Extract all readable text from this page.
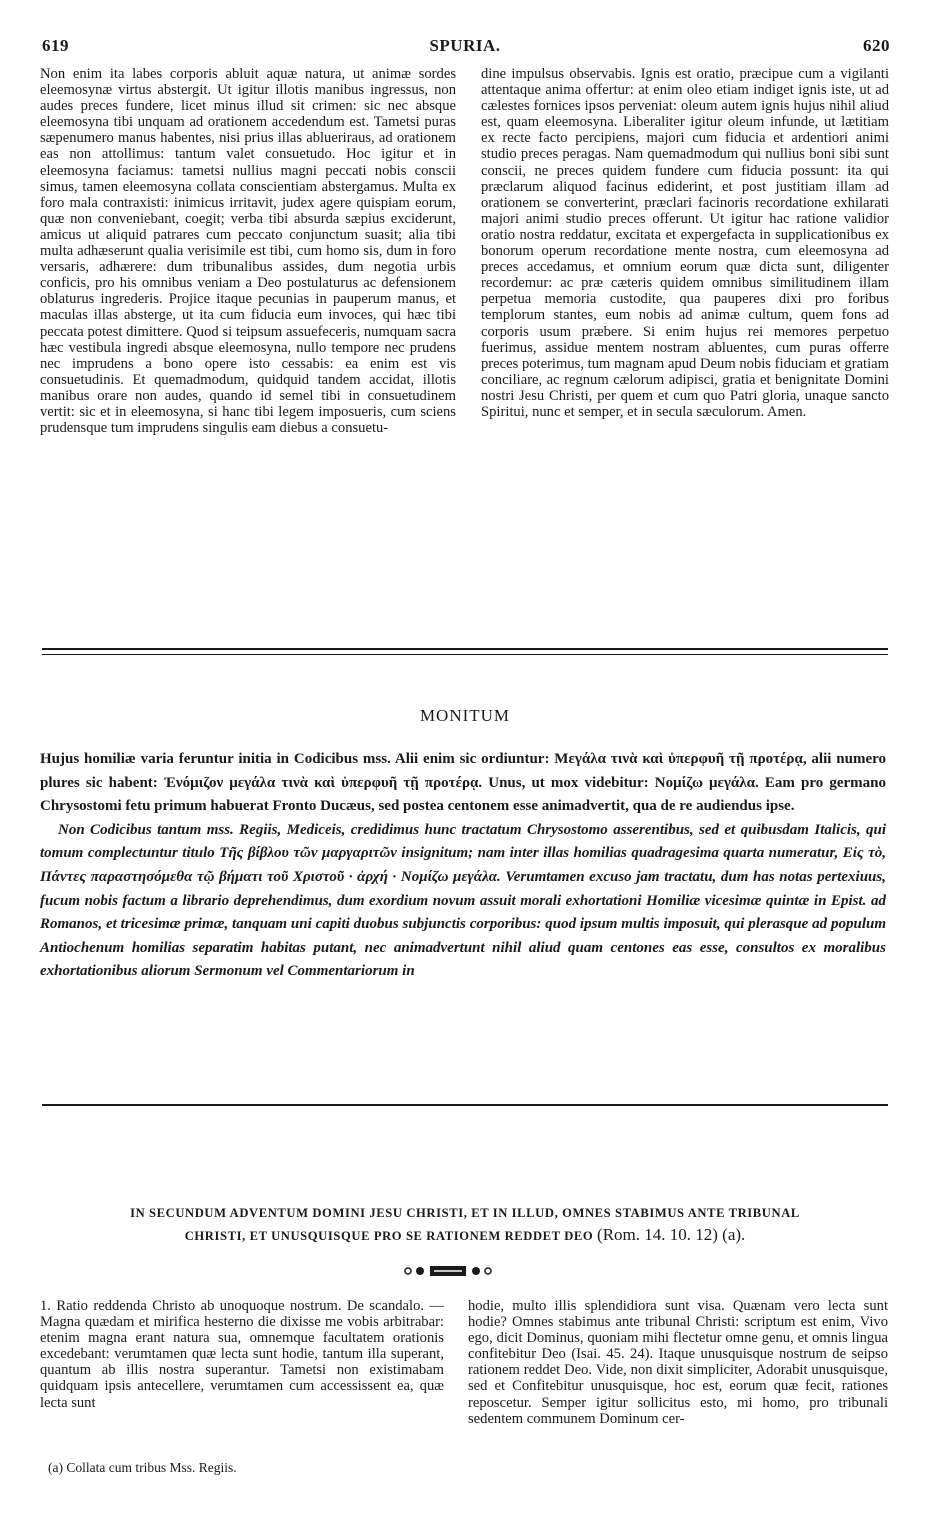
619	SPURIA.	620

Non enim ita labes corporis abluit aquæ natura, ut animæ sordes eleemosynæ virtus abstergit. Ut igitur illotis manibus ingressus, non audes preces fundere, licet minus illud sit crimen: sic nec absque eleemosyna tibi unquam ad orationem accedendum est. Tametsi puras sæpenumero manus habentes, nisi prius illas ablueriraus, ad orationem eas non attollimus: tantum valet consuetudo. Hoc igitur et in eleemosyna faciamus: tametsi nullius magni peccati nobis conscii simus, tamen eleemosyna collata conscientiam abstergamus. Multa ex foro mala contraxisti: inimicus irritavit, judex agere quispiam eorum, quæ non conveniebant, coegit; verba tibi absurda sæpius exciderunt, amicus ut aliquid patrares cum peccato conjunctum suasit; alia tibi multa adhæserunt qualia verisimile est tibi, cum homo sis, dum in foro versaris, adhærere: dum tribunalibus assides, dum negotia urbis conficis, pro his omnibus veniam a Deo postulaturus ac defensionem oblaturus ingrederis. Projice itaque pecunias in pauperum manus, et maculas illas absterge, ut ita cum fiducia eum invoces, qui hæc tibi peccata potest dimittere. Quod si teipsum assuefeceris, numquam sacra hæc vestibula ingredi absque eleemosyna, nullo tempore nec prudens nec imprudens a bono opere isto cessabis: ea enim est vis consuetudinis. Et quemadmodum, quidquid tandem accidat, illotis manibus orare non audes, quando id semel tibi in consuetudinem vertit: sic et in eleemosyna, si hanc tibi legem imposueris, cum sciens prudensque tum imprudens singulis eam diebus a consuetu-

dine impulsus observabis. Ignis est oratio, præcipue cum a vigilanti attentaque anima offertur: at enim oleo etiam indiget ignis iste, ut ad cælestes fornices ipsos perveniat: oleum autem ignis hujus nihil aliud est, quam eleemosyna. Liberaliter igitur oleum infunde, ut lætitiam ex recte facto percipiens, majori cum fiducia et ardentiori animi studio preces peragas. Nam quemadmodum qui nullius boni sibi sunt conscii, ne preces quidem fundere cum fiducia possunt: ita qui præclarum aliquod facinus ediderint, et post justitiam illam ad orationem se converterint, præclari facinoris recordatione exhilarati majori animi studio preces offerunt. Ut igitur hac ratione validior oratio nostra reddatur, excitata et expergefacta in supplicationibus ex bonorum operum recordatione mente nostra, cum eleemosyna ad preces accedamus, et omnium eorum quæ dicta sunt, diligenter recordemur: ac præ cæteris quidem omnibus similitudinem illam perpetua memoria custodite, qua pauperes dixi pro foribus templorum stantes, eum nobis ad animæ cultum, quem fons ad corporis usum præbere. Si enim hujus rei memores perpetuo fuerimus, assidue mentem nostram abluentes, cum puras offerre preces poterimus, tum magnam apud Deum nobis fiduciam et gratiam conciliare, ac regnum cælorum adipisci, gratia et benignitate Domini nostri Jesu Christi, per quem et cum quo Patri gloria, unaque sancto Spiritui, nunc et semper, et in secula sæculorum. Amen.

MONITUM

Hujus homiliæ varia feruntur initia in Codicibus mss. Alii enim sic ordiuntur: Μεγάλα τινὰ καὶ ὑπερφυῆ τῇ προτέρᾳ, alii numero plures sic habent: Ἐνόμιζον μεγάλα τινὰ καὶ ὑπερφυῆ τῇ προτέρᾳ. Unus, ut mox videbitur: Νομίζω μεγάλα. Eam pro germano Chrysostomi fetu primum habuerat Fronto Ducæus, sed postea centonem esse animadvertit, qua de re audiendus ipse.

Non Codicibus tantum mss. Regiis, Mediceis, credidimus hunc tractatum Chrysostomo asserentibus, sed et quibusdam Italicis, qui tomum complectuntur titulo Τῆς βίβλου τῶν μαργαριτῶν insignitum; nam inter illas homilias quadragesima quarta numeratur, Εἰς τὸ, Πάντες παραστησόμεθα τῷ βήματι τοῦ Χριστοῦ · ἀρχή · Νομίζω μεγάλα. Verumtamen excuso jam tractatu, dum has notas pertexiuus, fucum nobis factum a librario deprehendimus, dum exordium novum assuit morali exhortationi Homiliæ vicesimæ quintæ in Epist. ad Romanos, et tricesimæ primæ, tanquam uni capiti duobus subjunctis corporibus: quod ipsum multis imposuit, qui plerasque ad populum Antiochenum homilias separatim habitas putant, nec animadvertunt nihil aliud quam centones eas esse, consultos ex moralibus exhortationibus aliorum Sermonum vel Commentariorum in

IN SECUNDUM ADVENTUM DOMINI JESU CHRISTI, ET IN ILLUD, OMNES STABIMUS ANTE TRIBUNAL
CHRISTI, ET UNUSQUISQUE PRO SE RATIONEM REDDET DEO (Rom. 14. 10. 12) (a).

1. Ratio reddenda Christo ab unoquoque nostrum. De scandalo. — Magna quædam et mirifica hesterno die dixisse me vobis arbitrabar: etenim magna erant natura sua, omnemque facultatem orationis excedebant: verumtamen quæ lecta sunt hodie, tantum illa superant, quantum ab illis nostra superantur. Tametsi non existimabam quidquam ipsis antecellere, verumtamen cum accessissent ea, quæ lecta sunt

hodie, multo illis splendidiora sunt visa. Quænam vero lecta sunt hodie? Omnes stabimus ante tribunal Christi: scriptum est enim, Vivo ego, dicit Dominus, quoniam mihi flectetur omne genu, et omnis lingua confitebitur Deo (Isai. 45. 24). Itaque unusquisque nostrum de seipso rationem reddet Deo. Vide, non dixit simpliciter, Adorabit unusquisque, sed et Confitebitur unusquisque, hoc est, eorum quæ fecit, rationes reposcetur. Semper igitur sollicitus esto, mi homo, pro tribunali sedentem communem Dominum cer-

(a) Collata cum tribus Mss. Regiis.
